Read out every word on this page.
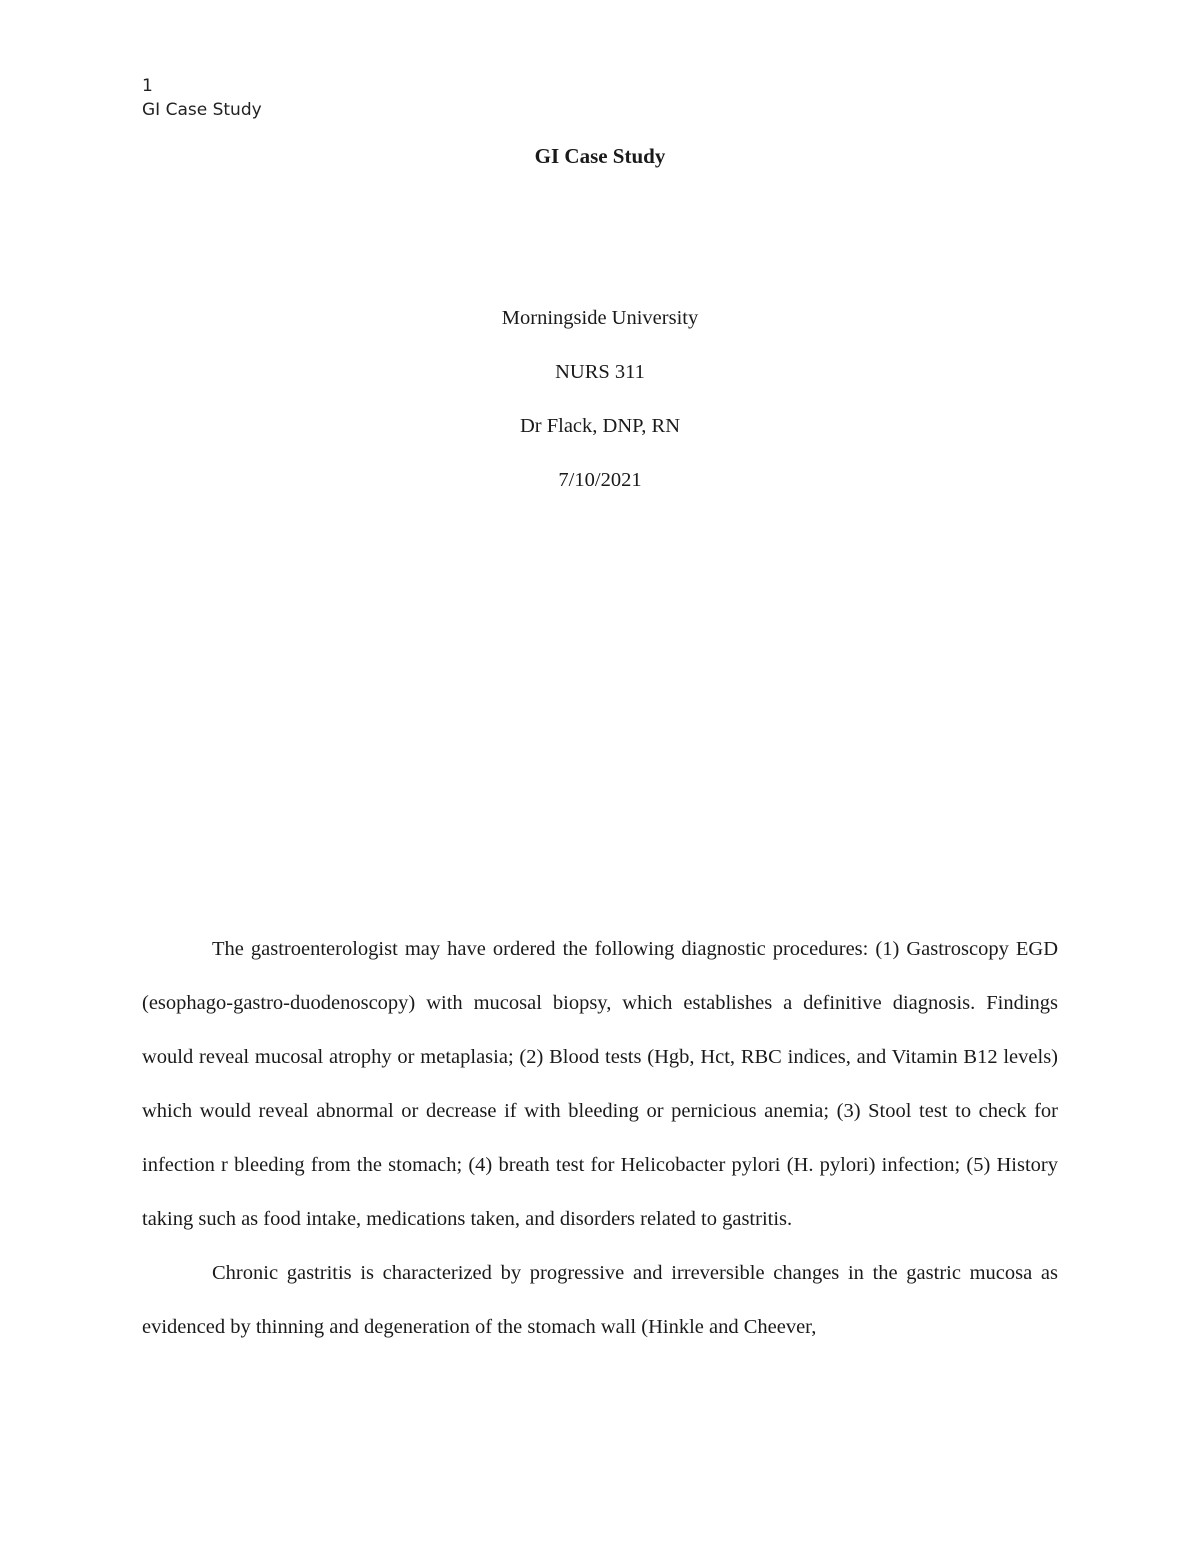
1
GI Case Study
GI Case Study
Morningside University
NURS 311
Dr Flack, DNP, RN
7/10/2021

The gastroenterologist may have ordered the following diagnostic procedures: (1) Gastroscopy EGD (esophago-gastro-duodenoscopy) with mucosal biopsy, which establishes a definitive diagnosis. Findings would reveal mucosal atrophy or metaplasia; (2) Blood tests (Hgb, Hct, RBC indices, and Vitamin B12 levels) which would reveal abnormal or decrease if with bleeding or pernicious anemia; (3) Stool test to check for infection r bleeding from the stomach; (4) breath test for Helicobacter pylori (H. pylori) infection; (5) History taking such as food intake, medications taken, and disorders related to gastritis.

Chronic gastritis is characterized by progressive and irreversible changes in the gastric mucosa as evidenced by thinning and degeneration of the stomach wall (Hinkle and Cheever,
